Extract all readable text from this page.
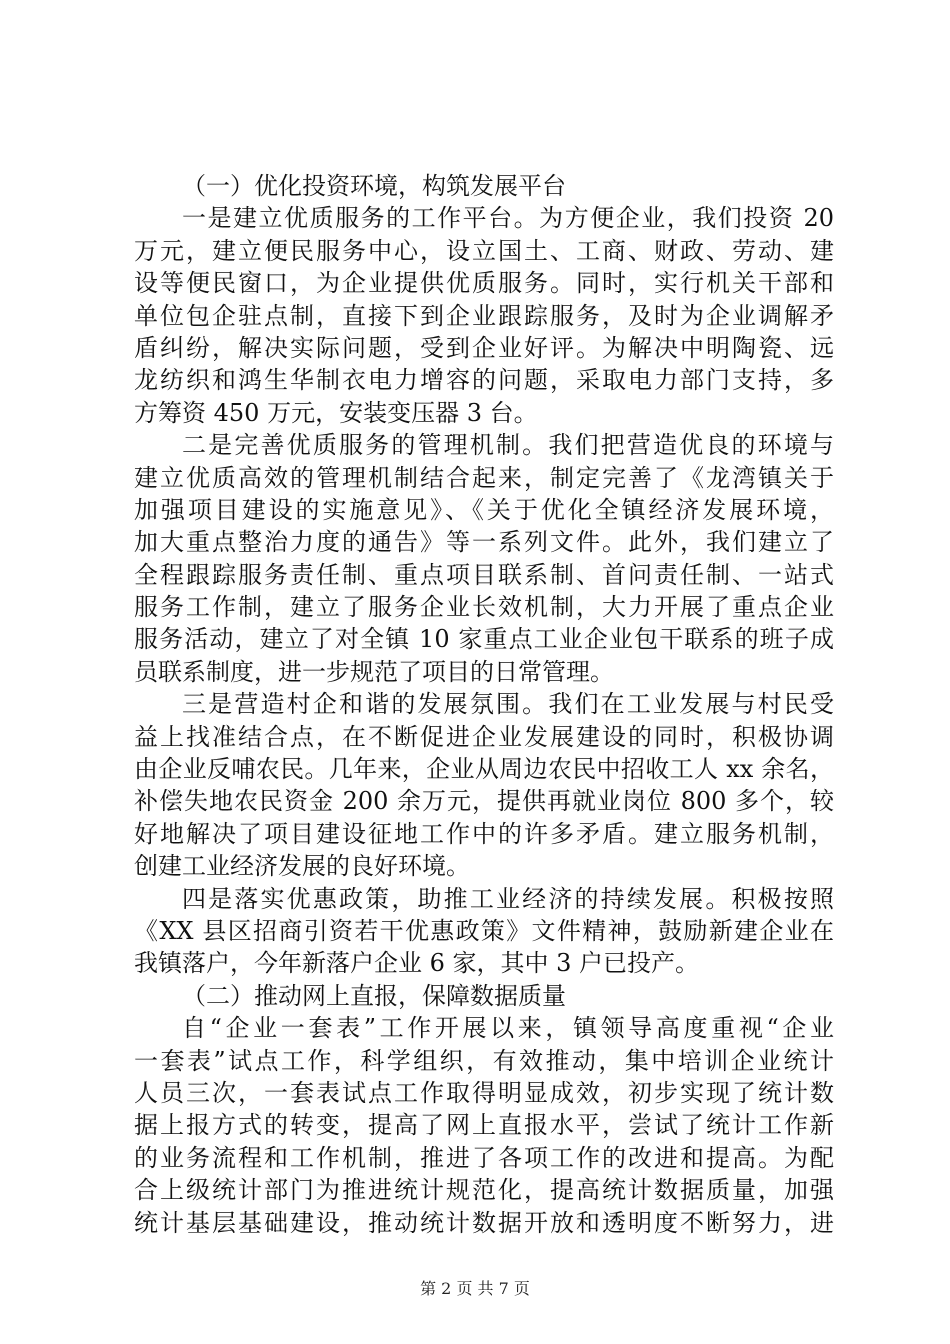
（一）优化投资环境，构筑发展平台
一是建立优质服务的工作平台。为方便企业，我们投资 20
万元，建立便民服务中心，设立国土、工商、财政、劳动、建
设等便民窗口，为企业提供优质服务。同时，实行机关干部和
单位包企驻点制，直接下到企业跟踪服务，及时为企业调解矛
盾纠纷，解决实际问题，受到企业好评。为解决中明陶瓷、远
龙纺织和鸿生华制衣电力增容的问题，采取电力部门支持，多
方筹资 450 万元，安装变压器 3 台。
二是完善优质服务的管理机制。我们把营造优良的环境与
建立优质高效的管理机制结合起来，制定完善了《龙湾镇关于
加强项目建设的实施意见》、《关于优化全镇经济发展环境，
加大重点整治力度的通告》等一系列文件。此外，我们建立了
全程跟踪服务责任制、重点项目联系制、首问责任制、一站式
服务工作制，建立了服务企业长效机制，大力开展了重点企业
服务活动，建立了对全镇 10 家重点工业企业包干联系的班子成
员联系制度，进一步规范了项目的日常管理。
三是营造村企和谐的发展氛围。我们在工业发展与村民受
益上找准结合点，在不断促进企业发展建设的同时，积极协调
由企业反哺农民。几年来，企业从周边农民中招收工人 xx 余名，
补偿失地农民资金 200 余万元，提供再就业岗位 800 多个，较
好地解决了项目建设征地工作中的许多矛盾。建立服务机制，
创建工业经济发展的良好环境。
四是落实优惠政策，助推工业经济的持续发展。积极按照
《XX 县区招商引资若干优惠政策》文件精神，鼓励新建企业在
我镇落户，今年新落户企业 6 家，其中 3 户已投产。
（二）推动网上直报，保障数据质量
自“企业一套表”工作开展以来，镇领导高度重视“企业
一套表”试点工作，科学组织，有效推动，集中培训企业统计
人员三次，一套表试点工作取得明显成效，初步实现了统计数
据上报方式的转变，提高了网上直报水平，尝试了统计工作新
的业务流程和工作机制，推进了各项工作的改进和提高。为配
合上级统计部门为推进统计规范化，提高统计数据质量，加强
统计基层基础建设，推动统计数据开放和透明度不断努力，进
第 2 页 共 7 页
